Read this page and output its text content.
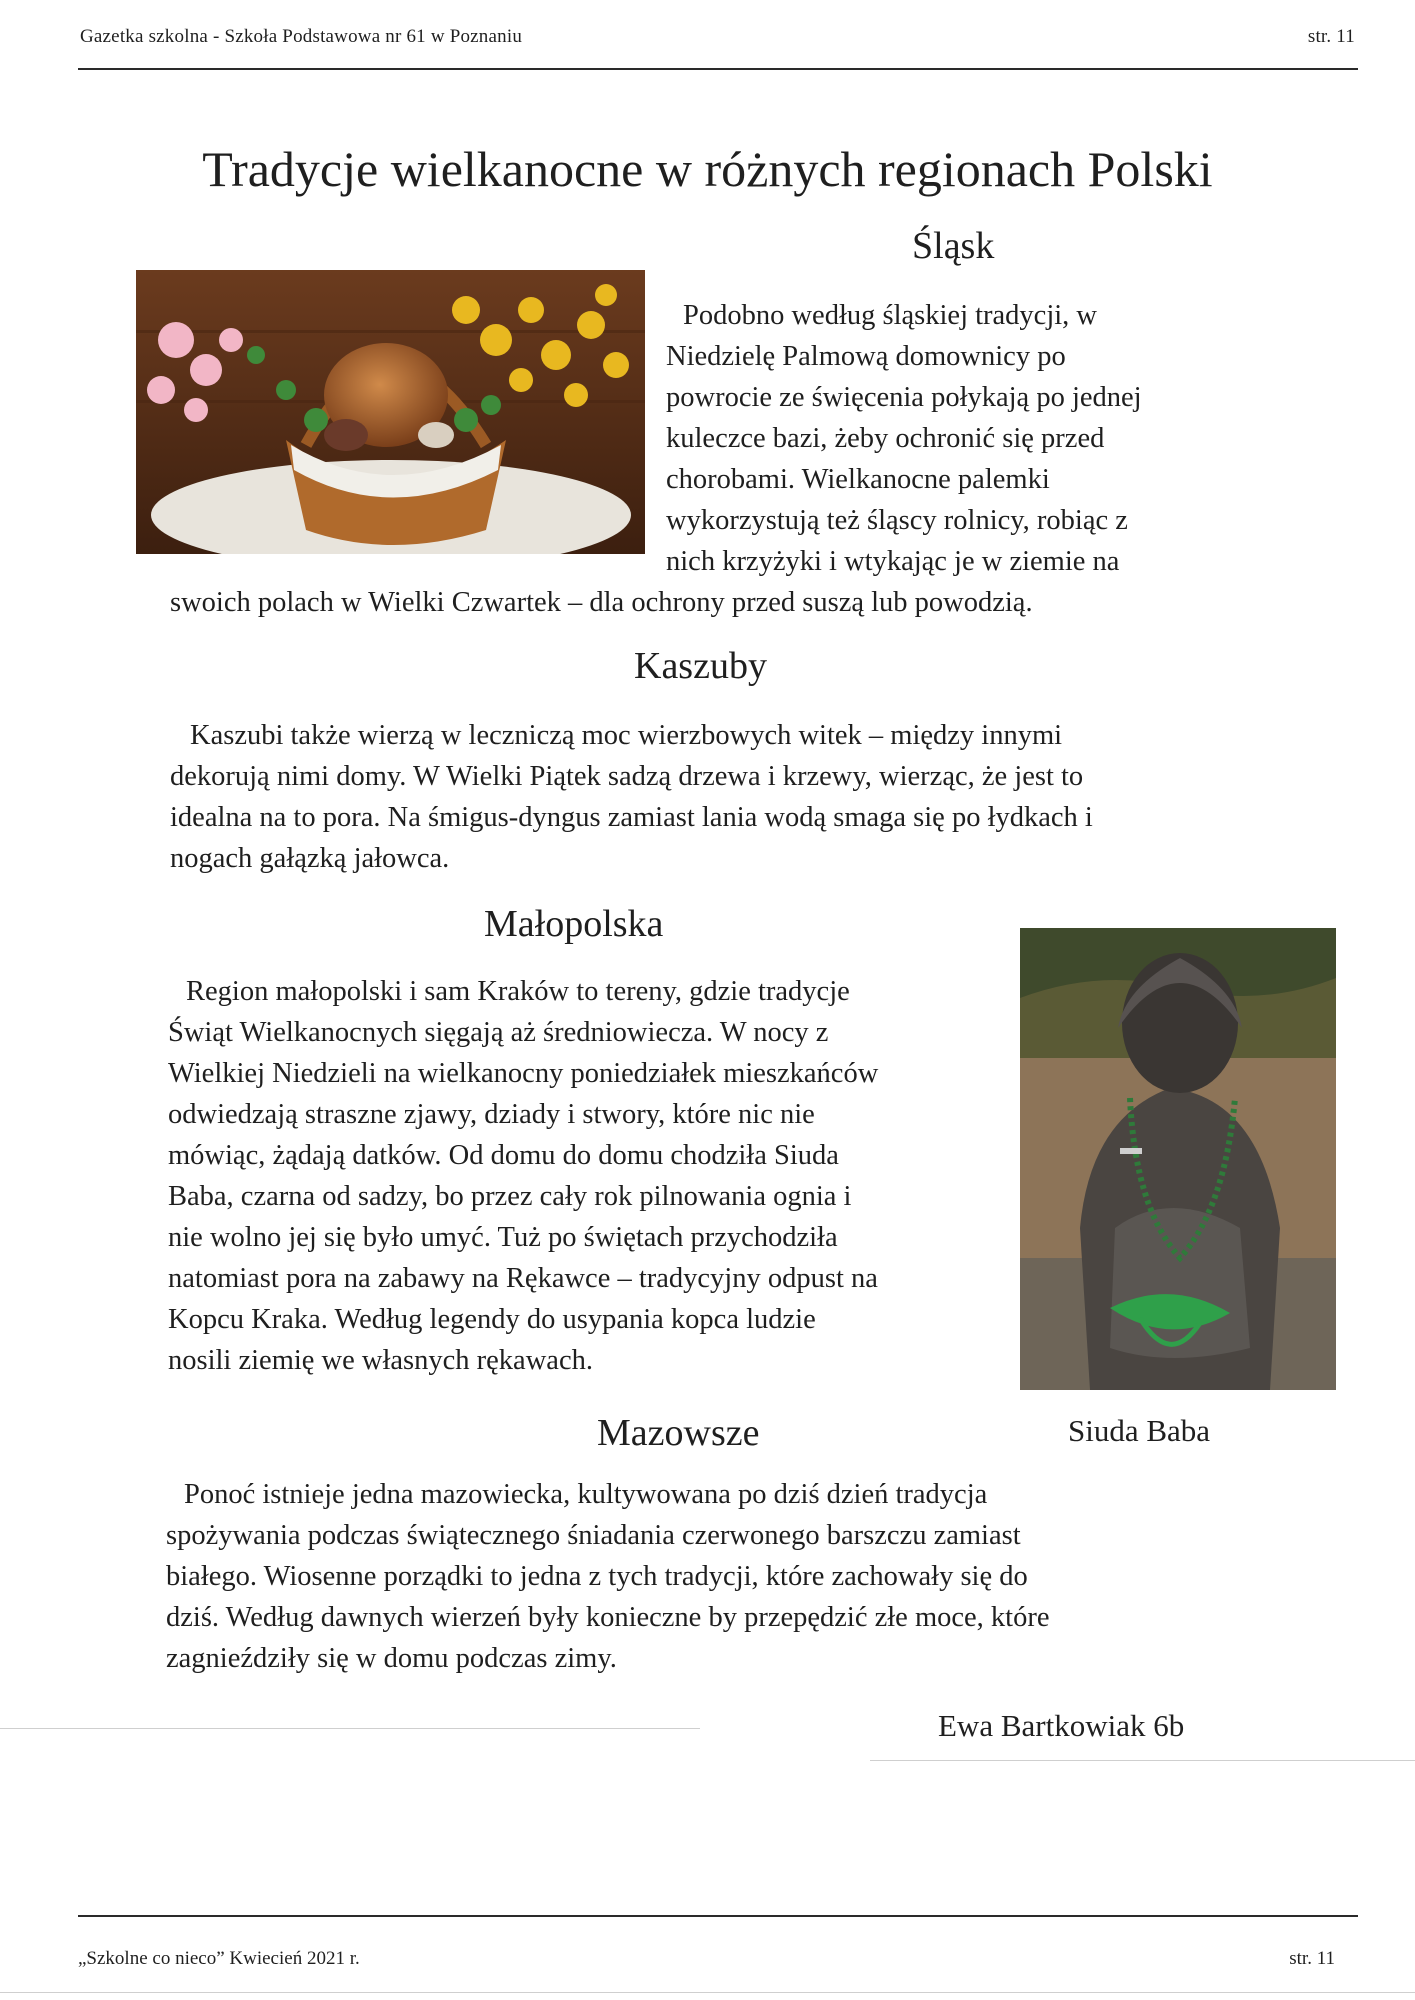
Gazetka szkolna - Szkoła Podstawowa nr 61 w Poznaniu	str. 11
Tradycje wielkanocne w różnych regionach Polski
Śląsk
Podobno według śląskiej tradycji, w
Niedzielę Palmową domownicy po
powrocie ze święcenia połykają po jednej
kuleczce bazi, żeby ochronić się przed
chorobami. Wielkanocne palemki
wykorzystują też śląscy rolnicy, robiąc z
nich krzyżyki i wtykając je w ziemie na
swoich polach w Wielki Czwartek – dla ochrony przed suszą lub powodzią.
Kaszuby
Kaszubi także wierzą w leczniczą moc wierzbowych witek – między innymi
dekorują nimi domy. W Wielki Piątek sadzą drzewa i krzewy, wierząc, że jest to
idealna na to pora. Na śmigus-dyngus zamiast lania wodą smaga się po łydkach i
nogach gałązką jałowca.
Małopolska
Region małopolski i sam Kraków to tereny, gdzie tradycje
Świąt Wielkanocnych sięgają aż średniowiecza. W nocy z
Wielkiej Niedzieli na wielkanocny poniedziałek mieszkańców
odwiedzają straszne zjawy, dziady i stwory, które nic nie
mówiąc, żądają datków. Od domu do domu chodziła Siuda
Baba, czarna od sadzy, bo przez cały rok pilnowania ognia i
nie wolno jej się było umyć. Tuż po świętach przychodziła
natomiast pora na zabawy na Rękawce – tradycyjny odpust na
Kopcu Kraka. Według legendy do usypania kopca ludzie
nosili ziemię we własnych rękawach.
Mazowsze	Siuda Baba
Ponoć istnieje jedna mazowiecka, kultywowana po dziś dzień tradycja
spożywania podczas świątecznego śniadania czerwonego barszczu zamiast
białego. Wiosenne porządki to jedna z tych tradycji, które zachowały się do
dziś. Według dawnych wierzeń były konieczne by przepędzić złe moce, które
zagnieździły się w domu podczas zimy.
Ewa Bartkowiak 6b
„Szkolne co nieco” Kwiecień 2021 r.	str. 11
